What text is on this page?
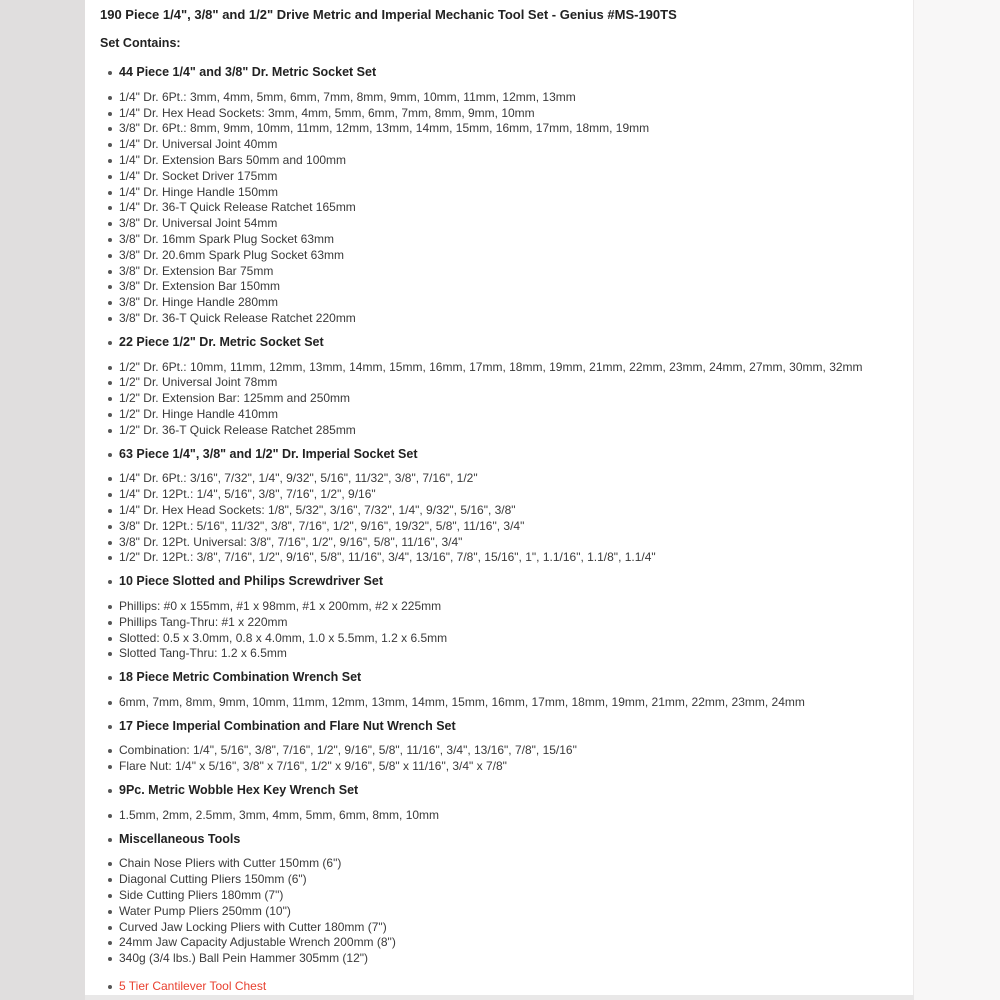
190 Piece 1/4", 3/8" and 1/2" Drive Metric and Imperial Mechanic Tool Set - Genius #MS-190TS

Set Contains:

44 Piece 1/4" and 3/8" Dr. Metric Socket Set
1/4" Dr. 6Pt.: 3mm, 4mm, 5mm, 6mm, 7mm, 8mm, 9mm, 10mm, 11mm, 12mm, 13mm
1/4" Dr. Hex Head Sockets: 3mm, 4mm, 5mm, 6mm, 7mm, 8mm, 9mm, 10mm
3/8" Dr. 6Pt.: 8mm, 9mm, 10mm, 11mm, 12mm, 13mm, 14mm, 15mm, 16mm, 17mm, 18mm, 19mm
1/4" Dr. Universal Joint 40mm
1/4" Dr. Extension Bars 50mm and 100mm
1/4" Dr. Socket Driver 175mm
1/4" Dr. Hinge Handle 150mm
1/4" Dr. 36-T Quick Release Ratchet 165mm
3/8" Dr. Universal Joint 54mm
3/8" Dr. 16mm Spark Plug Socket 63mm
3/8" Dr. 20.6mm Spark Plug Socket 63mm
3/8" Dr. Extension Bar 75mm
3/8" Dr. Extension Bar 150mm
3/8" Dr. Hinge Handle 280mm
3/8" Dr. 36-T Quick Release Ratchet 220mm
22 Piece 1/2" Dr. Metric Socket Set
1/2" Dr. 6Pt.: 10mm, 11mm, 12mm, 13mm, 14mm, 15mm, 16mm, 17mm, 18mm, 19mm, 21mm, 22mm, 23mm, 24mm, 27mm, 30mm, 32mm
1/2" Dr. Universal Joint 78mm
1/2" Dr. Extension Bar: 125mm and 250mm
1/2" Dr. Hinge Handle 410mm
1/2" Dr. 36-T Quick Release Ratchet 285mm
63 Piece 1/4", 3/8" and 1/2" Dr. Imperial Socket Set
1/4" Dr. 6Pt.: 3/16", 7/32", 1/4", 9/32", 5/16", 11/32", 3/8", 7/16", 1/2"
1/4" Dr. 12Pt.: 1/4", 5/16", 3/8", 7/16", 1/2", 9/16"
1/4" Dr. Hex Head Sockets: 1/8", 5/32", 3/16", 7/32", 1/4", 9/32", 5/16", 3/8"
3/8" Dr. 12Pt.: 5/16", 11/32", 3/8", 7/16", 1/2", 9/16", 19/32", 5/8", 11/16", 3/4"
3/8" Dr. 12Pt. Universal: 3/8", 7/16", 1/2", 9/16", 5/8", 11/16", 3/4"
1/2" Dr. 12Pt.: 3/8", 7/16", 1/2", 9/16", 5/8", 11/16", 3/4", 13/16", 7/8", 15/16", 1", 1.1/16", 1.1/8", 1.1/4"
10 Piece Slotted and Philips Screwdriver Set
Phillips: #0 x 155mm, #1 x 98mm, #1 x 200mm, #2 x 225mm
Phillips Tang-Thru: #1 x 220mm
Slotted: 0.5 x 3.0mm, 0.8 x 4.0mm, 1.0 x 5.5mm, 1.2 x 6.5mm
Slotted Tang-Thru: 1.2 x 6.5mm
18 Piece Metric Combination Wrench Set
6mm, 7mm, 8mm, 9mm, 10mm, 11mm, 12mm, 13mm, 14mm, 15mm, 16mm, 17mm, 18mm, 19mm, 21mm, 22mm, 23mm, 24mm
17 Piece Imperial Combination and Flare Nut Wrench Set
Combination: 1/4", 5/16", 3/8", 7/16", 1/2", 9/16", 5/8", 11/16", 3/4", 13/16", 7/8", 15/16"
Flare Nut: 1/4" x 5/16", 3/8" x 7/16", 1/2" x 9/16", 5/8" x 11/16", 3/4" x 7/8"
9Pc. Metric Wobble Hex Key Wrench Set
1.5mm, 2mm, 2.5mm, 3mm, 4mm, 5mm, 6mm, 8mm, 10mm
Miscellaneous Tools
Chain Nose Pliers with Cutter 150mm (6")
Diagonal Cutting Pliers 150mm (6")
Side Cutting Pliers 180mm (7")
Water Pump Pliers 250mm (10")
Curved Jaw Locking Pliers with Cutter 180mm (7")
24mm Jaw Capacity Adjustable Wrench 200mm (8")
340g (3/4 lbs.) Ball Pein Hammer 305mm (12")
5 Tier Cantilever Tool Chest
